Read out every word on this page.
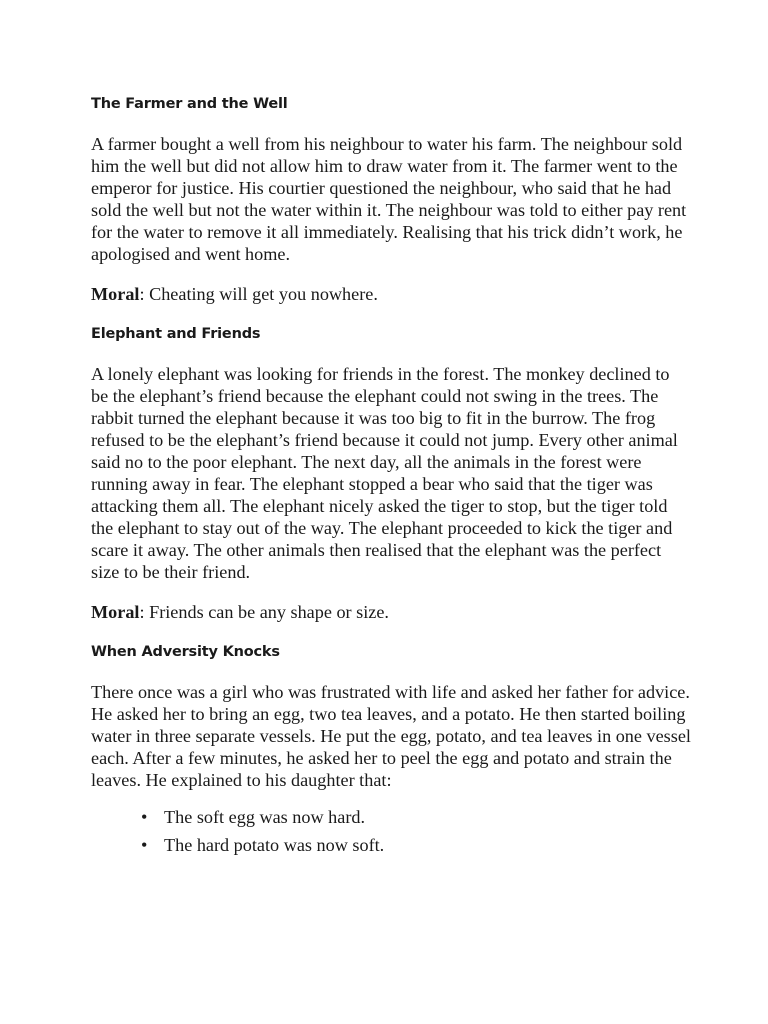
The Farmer and the Well

A farmer bought a well from his neighbour to water his farm. The neighbour sold him the well but did not allow him to draw water from it. The farmer went to the emperor for justice. His courtier questioned the neighbour, who said that he had sold the well but not the water within it. The neighbour was told to either pay rent for the water to remove it all immediately. Realising that his trick didn’t work, he apologised and went home.

Moral: Cheating will get you nowhere.

Elephant and Friends

A lonely elephant was looking for friends in the forest. The monkey declined to be the elephant’s friend because the elephant could not swing in the trees. The rabbit turned the elephant because it was too big to fit in the burrow. The frog refused to be the elephant’s friend because it could not jump. Every other animal said no to the poor elephant. The next day, all the animals in the forest were running away in fear. The elephant stopped a bear who said that the tiger was attacking them all. The elephant nicely asked the tiger to stop, but the tiger told the elephant to stay out of the way. The elephant proceeded to kick the tiger and scare it away. The other animals then realised that the elephant was the perfect size to be their friend.

Moral: Friends can be any shape or size.

When Adversity Knocks

There once was a girl who was frustrated with life and asked her father for advice. He asked her to bring an egg, two tea leaves, and a potato. He then started boiling water in three separate vessels. He put the egg, potato, and tea leaves in one vessel each. After a few minutes, he asked her to peel the egg and potato and strain the leaves. He explained to his daughter that:

• The soft egg was now hard.
• The hard potato was now soft.
